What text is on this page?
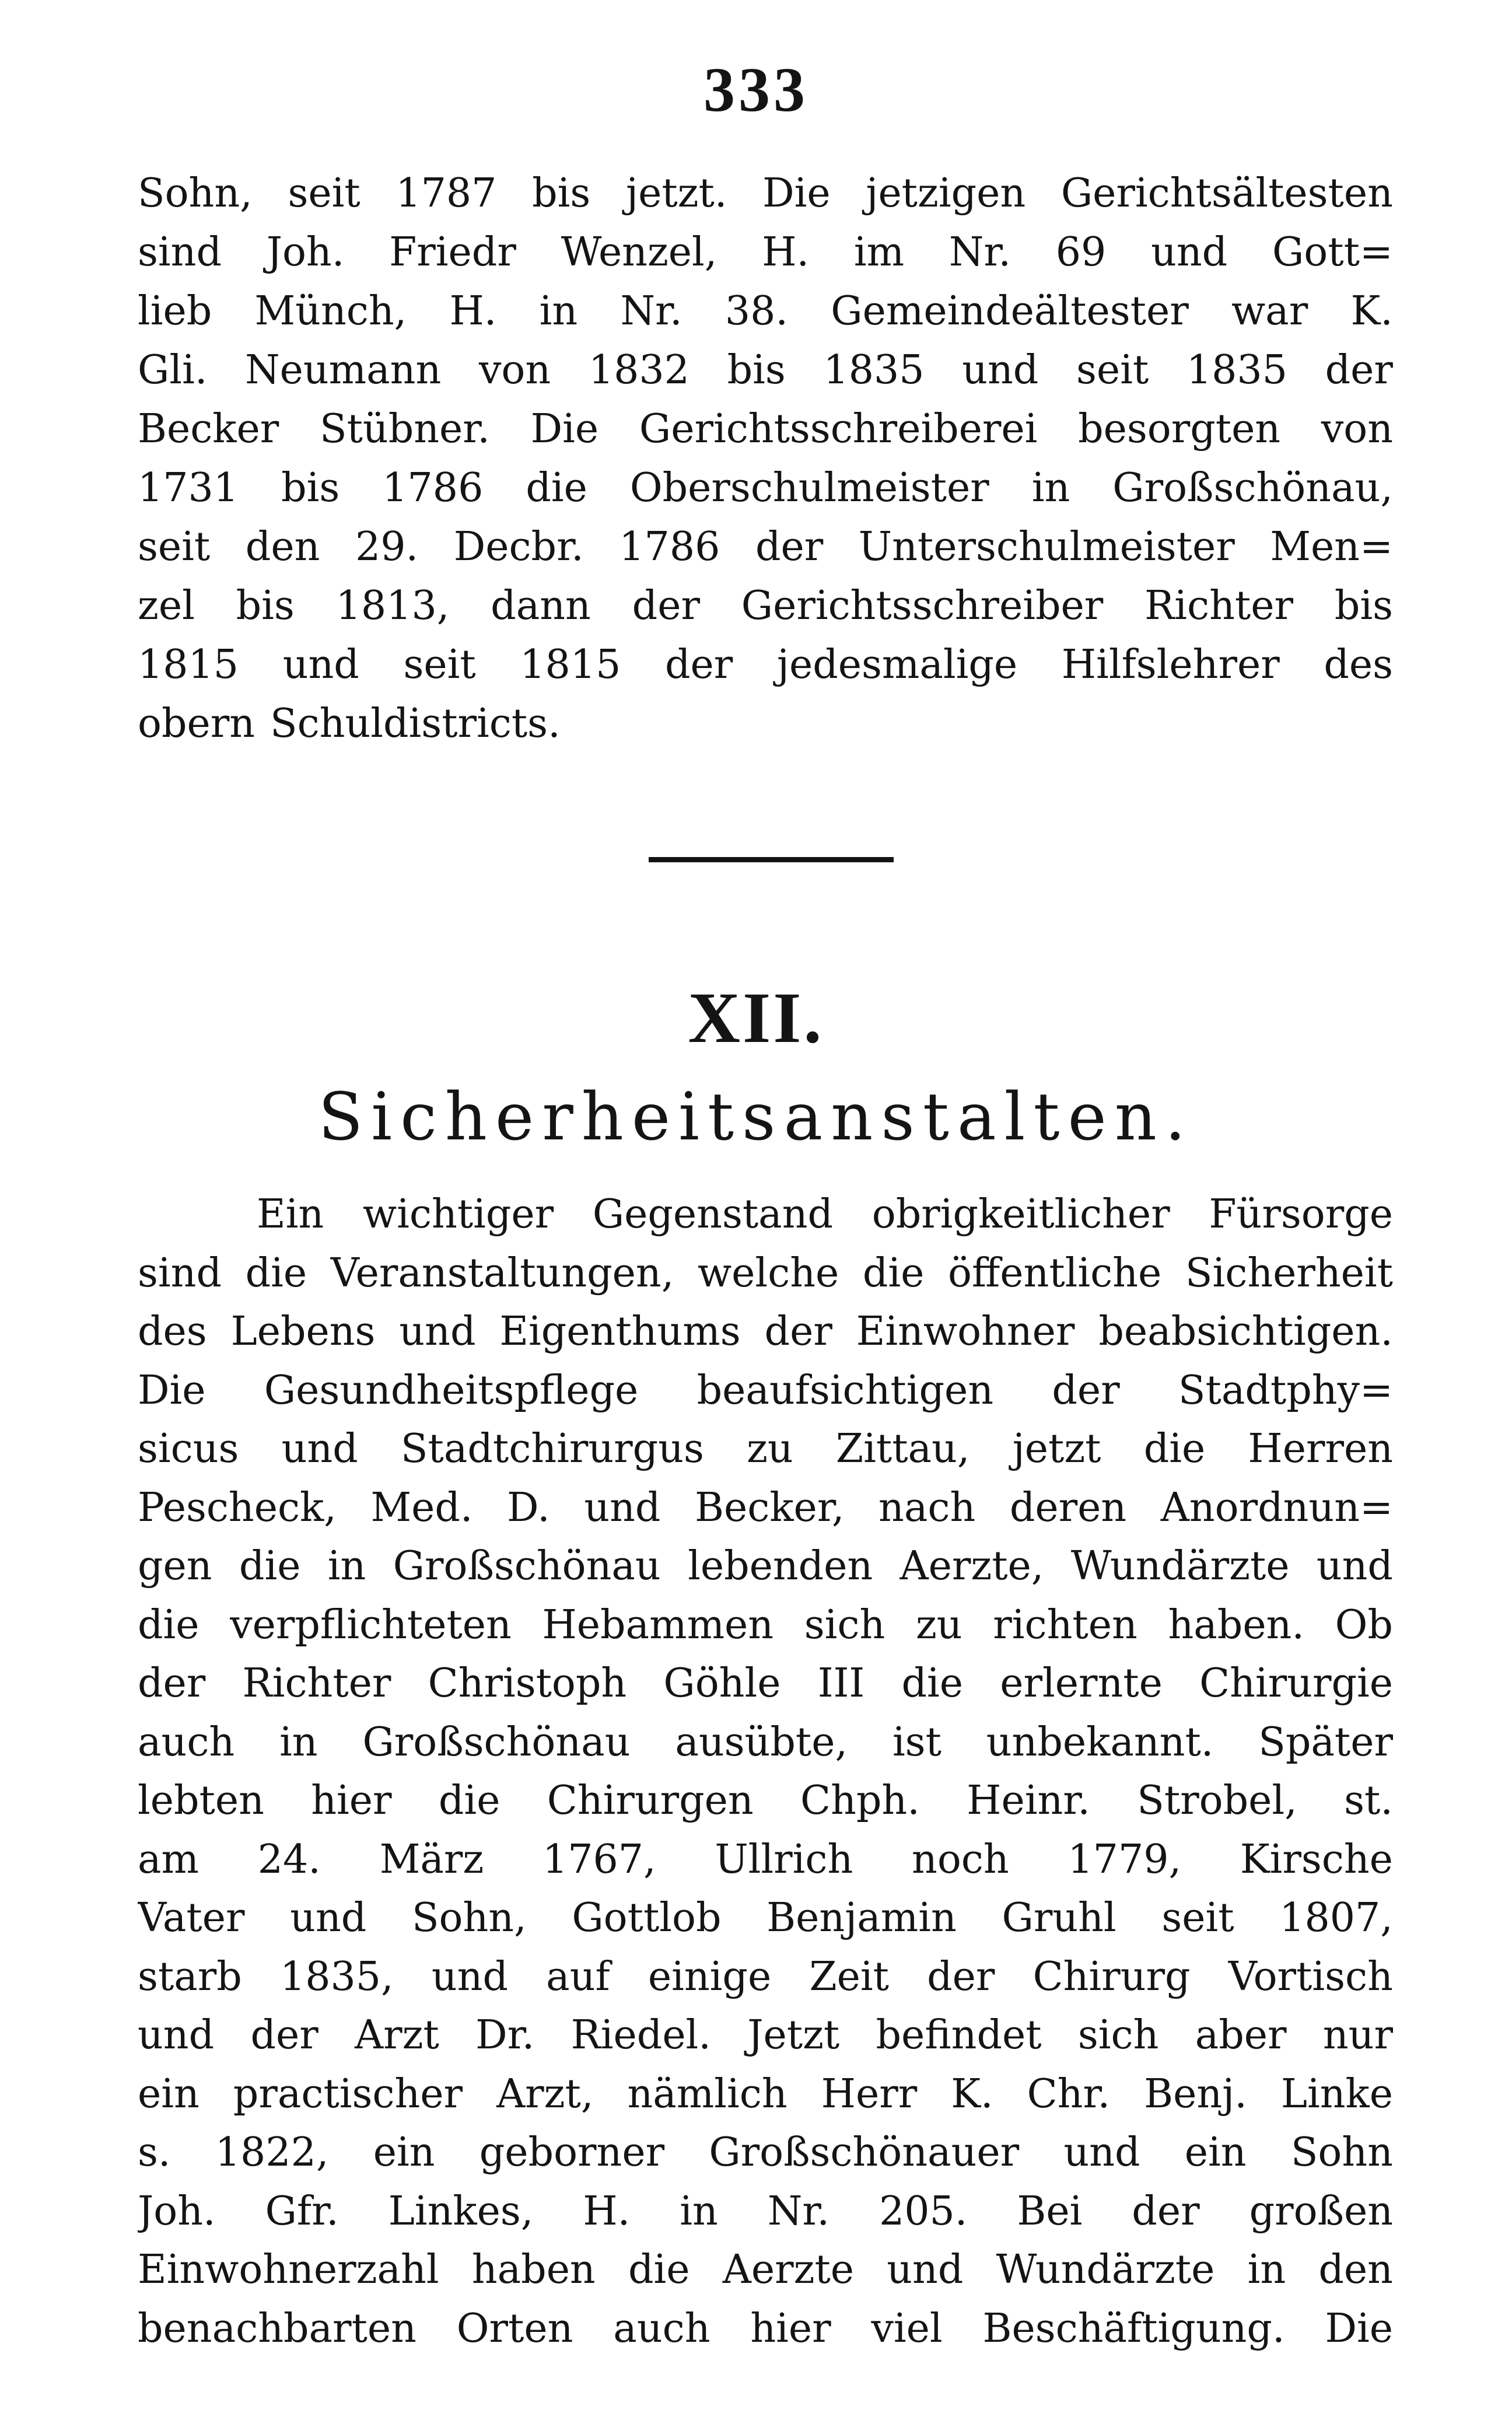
333
Sohn, seit 1787 bis jetzt. Die jetzigen Gerichtsältesten
sind Joh. Friedr Wenzel, H. im Nr. 69 und Gott=
lieb Münch, H. in Nr. 38. Gemeindeältester war K.
Gli. Neumann von 1832 bis 1835 und seit 1835 der
Becker Stübner. Die Gerichtsschreiberei besorgten von
1731 bis 1786 die Oberschulmeister in Großschönau,
seit den 29. Decbr. 1786 der Unterschulmeister Men=
zel bis 1813, dann der Gerichtsschreiber Richter bis
1815 und seit 1815 der jedesmalige Hilfslehrer des
obern Schuldistricts.
XII.
Sicherheitsanstalten.
Ein wichtiger Gegenstand obrigkeitlicher Fürsorge
sind die Veranstaltungen, welche die öffentliche Sicherheit
des Lebens und Eigenthums der Einwohner beabsichtigen.
Die Gesundheitspflege beaufsichtigen der Stadtphy=
sicus und Stadtchirurgus zu Zittau, jetzt die Herren
Pescheck, Med. D. und Becker, nach deren Anordnun=
gen die in Großschönau lebenden Aerzte, Wundärzte und
die verpflichteten Hebammen sich zu richten haben. Ob
der Richter Christoph Göhle III die erlernte Chirurgie
auch in Großschönau ausübte, ist unbekannt. Später
lebten hier die Chirurgen Chph. Heinr. Strobel, st.
am 24. März 1767, Ullrich noch 1779, Kirsche
Vater und Sohn, Gottlob Benjamin Gruhl seit 1807,
starb 1835, und auf einige Zeit der Chirurg Vortisch
und der Arzt Dr. Riedel. Jetzt befindet sich aber nur
ein practischer Arzt, nämlich Herr K. Chr. Benj. Linke
s. 1822, ein geborner Großschönauer und ein Sohn
Joh. Gfr. Linkes, H. in Nr. 205. Bei der großen
Einwohnerzahl haben die Aerzte und Wundärzte in den
benachbarten Orten auch hier viel Beschäftigung. Die
